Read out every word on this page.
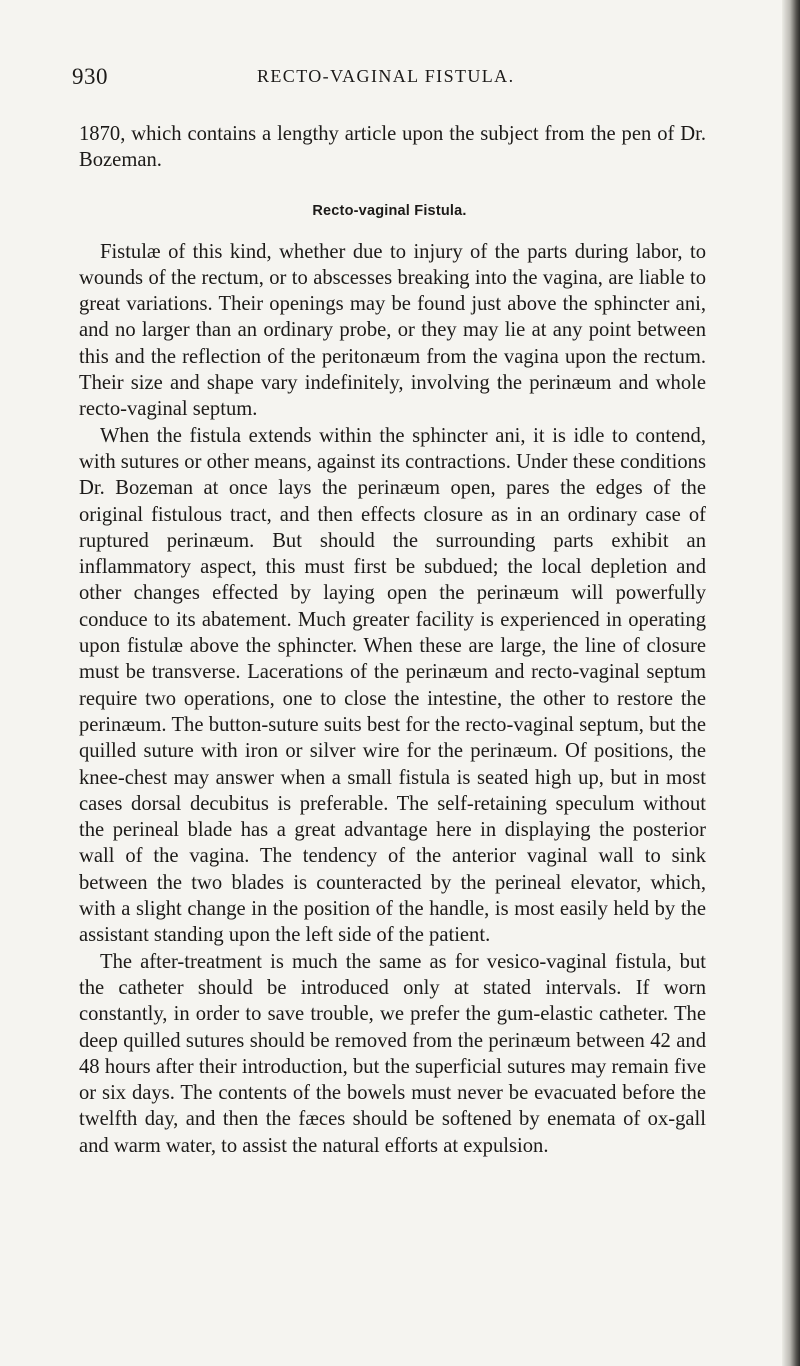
930	RECTO-VAGINAL FISTULA.

1870, which contains a lengthy article upon the subject from the pen of Dr. Bozeman.

Recto-vaginal Fistula.

Fistulæ of this kind, whether due to injury of the parts during labor, to wounds of the rectum, or to abscesses breaking into the vagina, are liable to great variations. Their openings may be found just above the sphincter ani, and no larger than an ordinary probe, or they may lie at any point between this and the reflection of the peritonæum from the vagina upon the rectum. Their size and shape vary indefinitely, involving the perinæum and whole recto-vaginal septum.

When the fistula extends within the sphincter ani, it is idle to contend, with sutures or other means, against its contractions. Under these conditions Dr. Bozeman at once lays the perinæum open, pares the edges of the original fistulous tract, and then effects closure as in an ordinary case of ruptured perinæum. But should the surrounding parts exhibit an inflammatory aspect, this must first be subdued; the local depletion and other changes effected by laying open the perinæum will powerfully conduce to its abatement. Much greater facility is experienced in operating upon fistulæ above the sphincter. When these are large, the line of closure must be transverse. Lacerations of the perinæum and recto-vaginal septum require two operations, one to close the intestine, the other to restore the perinæum. The button-suture suits best for the recto-vaginal septum, but the quilled suture with iron or silver wire for the perinæum. Of positions, the knee-chest may answer when a small fistula is seated high up, but in most cases dorsal decubitus is preferable. The self-retaining speculum without the perineal blade has a great advantage here in displaying the posterior wall of the vagina. The tendency of the anterior vaginal wall to sink between the two blades is counteracted by the perineal elevator, which, with a slight change in the position of the handle, is most easily held by the assistant standing upon the left side of the patient.

The after-treatment is much the same as for vesico-vaginal fistula, but the catheter should be introduced only at stated intervals. If worn constantly, in order to save trouble, we prefer the gum-elastic catheter. The deep quilled sutures should be removed from the perinæum between 42 and 48 hours after their introduction, but the superficial sutures may remain five or six days. The contents of the bowels must never be evacuated before the twelfth day, and then the fæces should be softened by enemata of ox-gall and warm water, to assist the natural efforts at expulsion.
